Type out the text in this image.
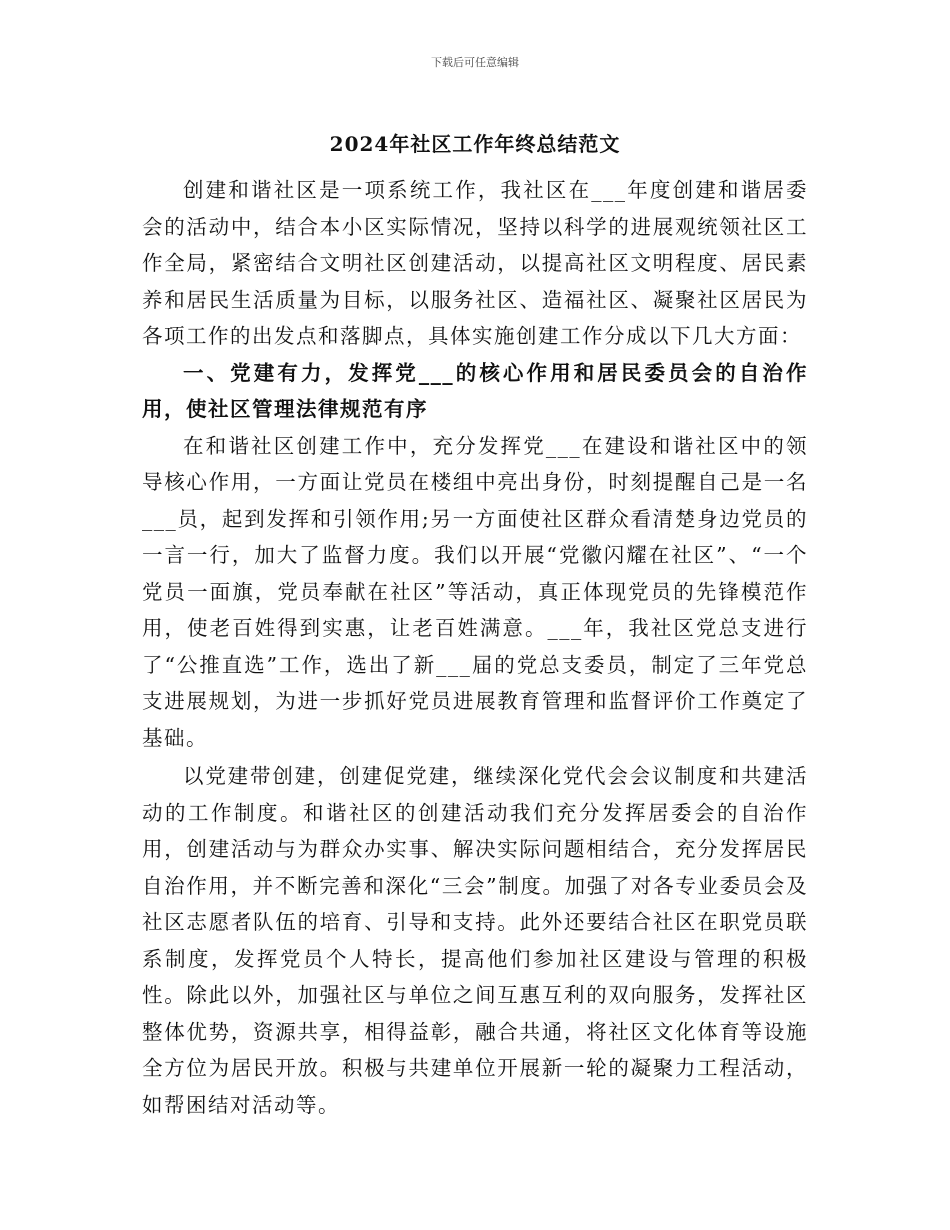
下载后可任意编辑
2024年社区工作年终总结范文

创建和谐社区是一项系统工作，我社区在___年度创建和谐居委会的活动中，结合本小区实际情况，坚持以科学的进展观统领社区工作全局，紧密结合文明社区创建活动，以提高社区文明程度、居民素养和居民生活质量为目标，以服务社区、造福社区、凝聚社区居民为各项工作的出发点和落脚点，具体实施创建工作分成以下几大方面：

一、党建有力，发挥党___的核心作用和居民委员会的自治作用，使社区管理法律规范有序

在和谐社区创建工作中，充分发挥党___在建设和谐社区中的领导核心作用，一方面让党员在楼组中亮出身份，时刻提醒自己是一名___员，起到发挥和引领作用;另一方面使社区群众看清楚身边党员的一言一行，加大了监督力度。我们以开展“党徽闪耀在社区”、“一个党员一面旗，党员奉献在社区”等活动，真正体现党员的先锋模范作用，使老百姓得到实惠，让老百姓满意。___年，我社区党总支进行了“公推直选”工作，选出了新___届的党总支委员，制定了三年党总支进展规划，为进一步抓好党员进展教育管理和监督评价工作奠定了基础。

以党建带创建，创建促党建，继续深化党代会会议制度和共建活动的工作制度。和谐社区的创建活动我们充分发挥居委会的自治作用，创建活动与为群众办实事、解决实际问题相结合，充分发挥居民自治作用，并不断完善和深化“三会”制度。加强了对各专业委员会及社区志愿者队伍的培育、引导和支持。此外还要结合社区在职党员联系制度，发挥党员个人特长，提高他们参加社区建设与管理的积极性。除此以外，加强社区与单位之间互惠互利的双向服务，发挥社区整体优势，资源共享，相得益彰，融合共通，将社区文化体育等设施全方位为居民开放。积极与共建单位开展新一轮的凝聚力工程活动，如帮困结对活动等。
